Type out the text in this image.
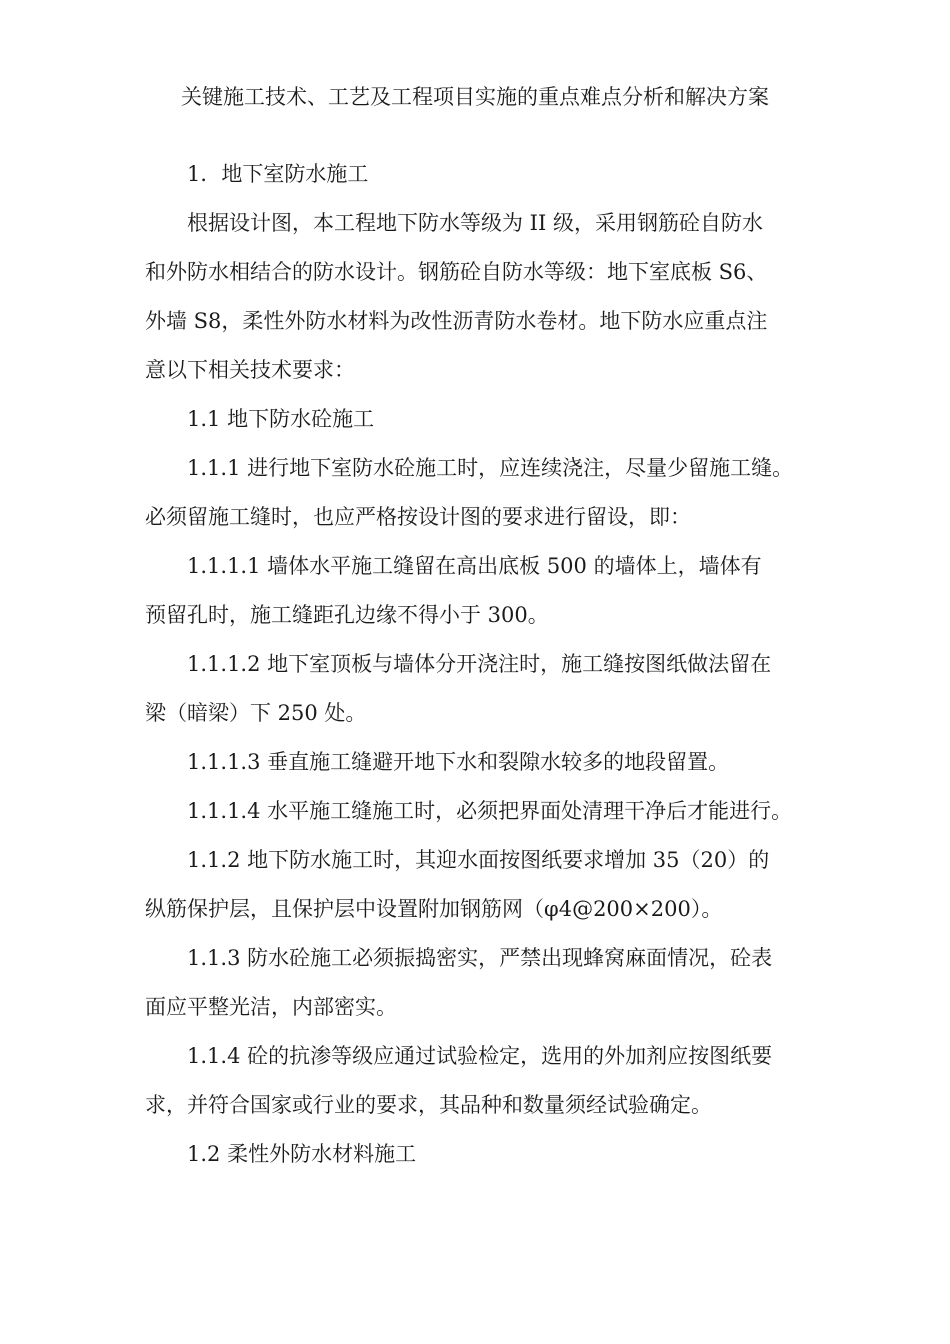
关键施工技术、工艺及工程项目实施的重点难点分析和解决方案
1．地下室防水施工
根据设计图，本工程地下防水等级为 II 级，采用钢筋砼自防水
和外防水相结合的防水设计。钢筋砼自防水等级：地下室底板 S6、
外墙 S8，柔性外防水材料为改性沥青防水卷材。地下防水应重点注
意以下相关技术要求：
1.1 地下防水砼施工
1.1.1 进行地下室防水砼施工时，应连续浇注，尽量少留施工缝。
必须留施工缝时，也应严格按设计图的要求进行留设，即：
1.1.1.1 墙体水平施工缝留在高出底板 500 的墙体上，墙体有
预留孔时，施工缝距孔边缘不得小于 300。
1.1.1.2 地下室顶板与墙体分开浇注时，施工缝按图纸做法留在
梁（暗梁）下 250 处。
1.1.1.3 垂直施工缝避开地下水和裂隙水较多的地段留置。
1.1.1.4 水平施工缝施工时，必须把界面处清理干净后才能进行。
1.1.2 地下防水施工时，其迎水面按图纸要求增加 35（20）的
纵筋保护层，且保护层中设置附加钢筋网（φ4@200×200）。
1.1.3 防水砼施工必须振捣密实，严禁出现蜂窝麻面情况，砼表
面应平整光洁，内部密实。
1.1.4 砼的抗渗等级应通过试验检定，选用的外加剂应按图纸要
求，并符合国家或行业的要求，其品种和数量须经试验确定。
1.2 柔性外防水材料施工
